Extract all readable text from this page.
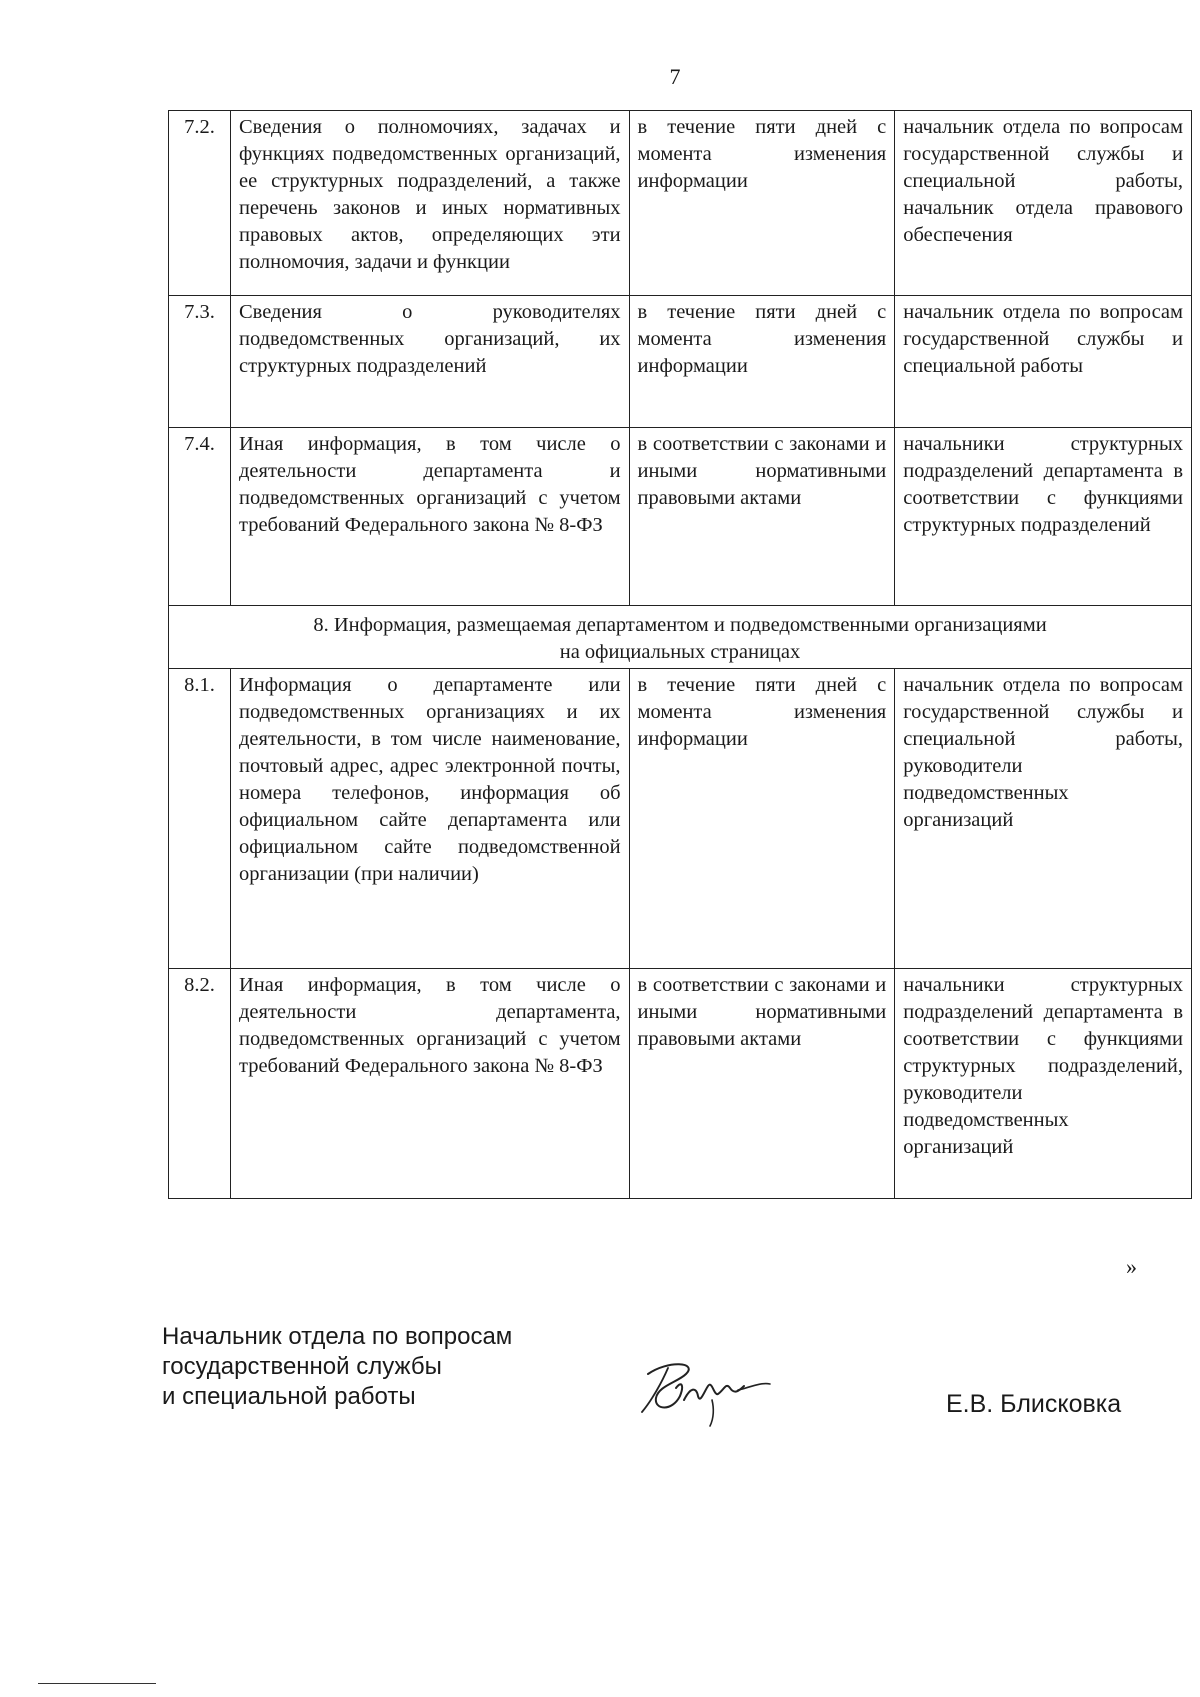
7
7.2.	Сведения о полномочиях, задачах и функциях подведомственных организаций, ее структурных подразделений, а также перечень законов и иных нормативных правовых актов, определяющих эти полномочия, задачи и функции	в течение пяти дней с момента изменения информации	начальник отдела по вопросам государственной службы и специальной работы, начальник отдела правового обеспечения
7.3.	Сведения о руководителях подведомственных организаций, их структурных подразделений	в течение пяти дней с момента изменения информации	начальник отдела по вопросам государственной службы и специальной работы
7.4.	Иная информация, в том числе о деятельности департамента и подведомственных организаций с учетом требований Федерального закона № 8-ФЗ	в соответствии с законами и иными нормативными правовыми актами	начальники структурных подразделений департамента в соответствии с функциями структурных подразделений
8. Информация, размещаемая департаментом и подведомственными организациями
на официальных страницах			
8.1.	Информация о департаменте или подведомственных организациях и их деятельности, в том числе наименование, почтовый адрес, адрес электронной почты, номера телефонов, информация об официальном сайте департамента или официальном сайте подведомственной организации (при наличии)	в течение пяти дней с момента изменения информации	начальник отдела по вопросам государственной службы и специальной работы, руководители подведомственных организаций
8.2.	Иная информация, в том числе о деятельности департамента, подведомственных организаций с учетом требований Федерального закона № 8-ФЗ	в соответствии с законами и иными нормативными правовыми актами	начальники структурных подразделений департамента в соответствии с функциями структурных подразделений, руководители подведомственных организаций
»
Начальник отдела по вопросам
государственной службы
и специальной работы	Е.В. Блисковка
